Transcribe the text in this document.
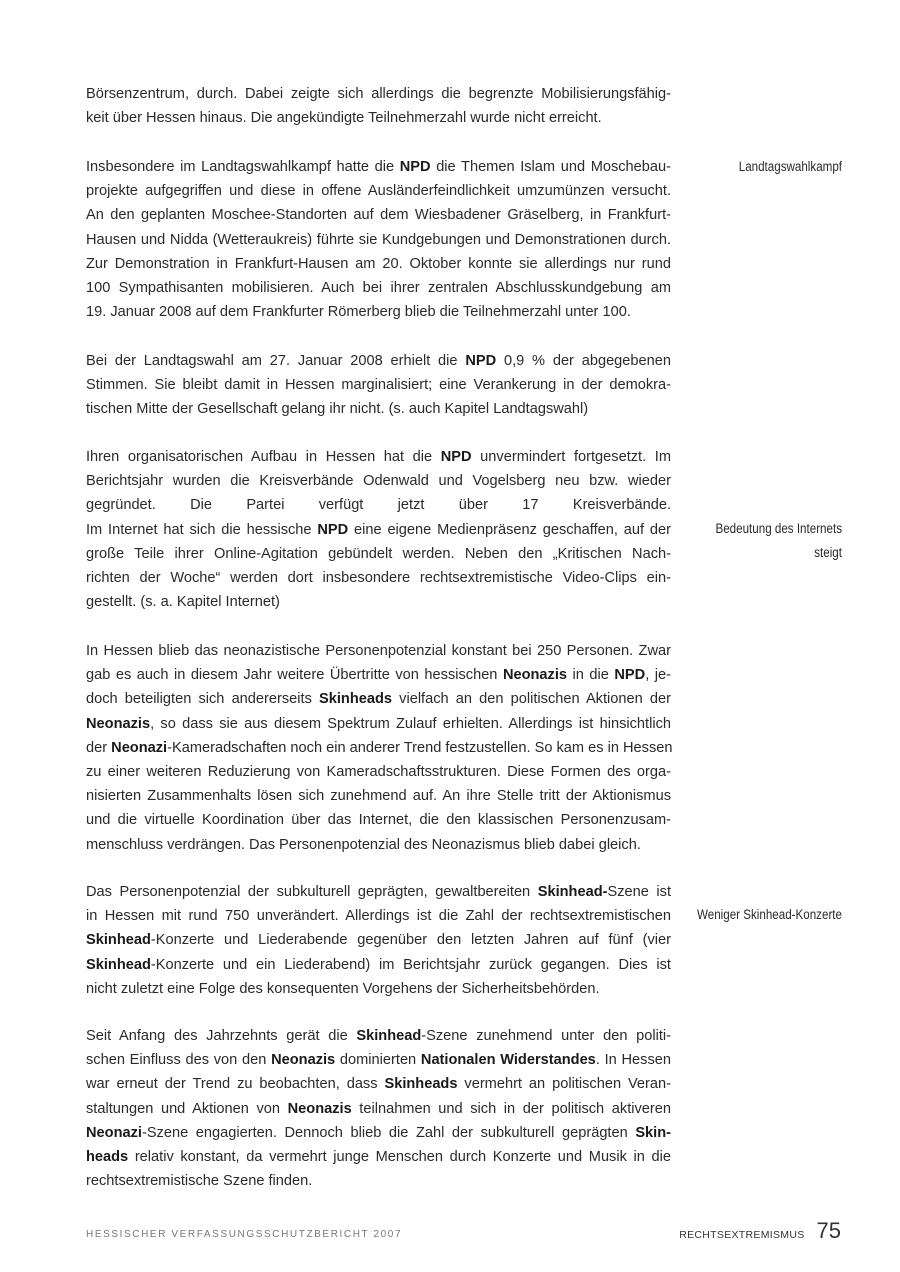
Börsenzentrum, durch. Dabei zeigte sich allerdings die begrenzte Mobilisierungsfähig-
keit über Hessen hinaus. Die angekündigte Teilnehmerzahl wurde nicht erreicht.
Insbesondere im Landtagswahlkampf hatte die NPD die Themen Islam und Moschebau-
projekte aufgegriffen und diese in offene Ausländerfeindlichkeit umzumünzen versucht.
An den geplanten Moschee-Standorten auf dem Wiesbadener Gräselberg, in Frankfurt-
Hausen und Nidda (Wetteraukreis) führte sie Kundgebungen und Demonstrationen durch.
Zur Demonstration in Frankfurt-Hausen am 20. Oktober konnte sie allerdings nur rund
100 Sympathisanten mobilisieren. Auch bei ihrer zentralen Abschlusskundgebung am
19. Januar 2008 auf dem Frankfurter Römerberg blieb die Teilnehmerzahl unter 100.
Bei der Landtagswahl am 27. Januar 2008 erhielt die NPD 0,9 % der abgegebenen
Stimmen. Sie bleibt damit in Hessen marginalisiert; eine Verankerung in der demokra-
tischen Mitte der Gesellschaft gelang ihr nicht. (s. auch Kapitel Landtagswahl)
Ihren organisatorischen Aufbau in Hessen hat die NPD unvermindert fortgesetzt. Im
Berichtsjahr wurden die Kreisverbände Odenwald und Vogelsberg neu bzw. wieder
gegründet. Die Partei verfügt jetzt über 17 Kreisverbände.
Im Internet hat sich die hessische NPD eine eigene Medienpräsenz geschaffen, auf der
große Teile ihrer Online-Agitation gebündelt werden. Neben den „Kritischen Nach-
richten der Woche“ werden dort insbesondere rechtsextremistische Video-Clips ein-
gestellt. (s. a. Kapitel Internet)
In Hessen blieb das neonazistische Personenpotenzial konstant bei 250 Personen. Zwar
gab es auch in diesem Jahr weitere Übertritte von hessischen Neonazis in die NPD, je-
doch beteiligten sich andererseits Skinheads vielfach an den politischen Aktionen der
Neonazis, so dass sie aus diesem Spektrum Zulauf erhielten. Allerdings ist hinsichtlich
der Neonazi-Kameradschaften noch ein anderer Trend festzustellen. So kam es in Hessen
zu einer weiteren Reduzierung von Kameradschaftsstrukturen. Diese Formen des orga-
nisierten Zusammenhalts lösen sich zunehmend auf. An ihre Stelle tritt der Aktionismus
und die virtuelle Koordination über das Internet, die den klassischen Personenzusam-
menschluss verdrängen. Das Personenpotenzial des Neonazismus blieb dabei gleich.
Das Personenpotenzial der subkulturell geprägten, gewaltbereiten Skinhead-Szene ist
in Hessen mit rund 750 unverändert. Allerdings ist die Zahl der rechtsextremistischen
Skinhead-Konzerte und Liederabende gegenüber den letzten Jahren auf fünf (vier
Skinhead-Konzerte und ein Liederabend) im Berichtsjahr zurück gegangen. Dies ist
nicht zuletzt eine Folge des konsequenten Vorgehens der Sicherheitsbehörden.
Seit Anfang des Jahrzehnts gerät die Skinhead-Szene zunehmend unter den politi-
schen Einfluss des von den Neonazis dominierten Nationalen Widerstandes. In Hessen
war erneut der Trend zu beobachten, dass Skinheads vermehrt an politischen Veran-
staltungen und Aktionen von Neonazis teilnahmen und sich in der politisch aktiveren
Neonazi-Szene engagierten. Dennoch blieb die Zahl der subkulturell geprägten Skin-
heads relativ konstant, da vermehrt junge Menschen durch Konzerte und Musik in die
rechtsextremistische Szene finden.
Landtagswahlkampf
Bedeutung des Internets
steigt
Weniger Skinhead-Konzerte
HESSISCHER VERFASSUNGSSCHUTZBERICHT 2007	RECHTSEXTREMISMUS 75
